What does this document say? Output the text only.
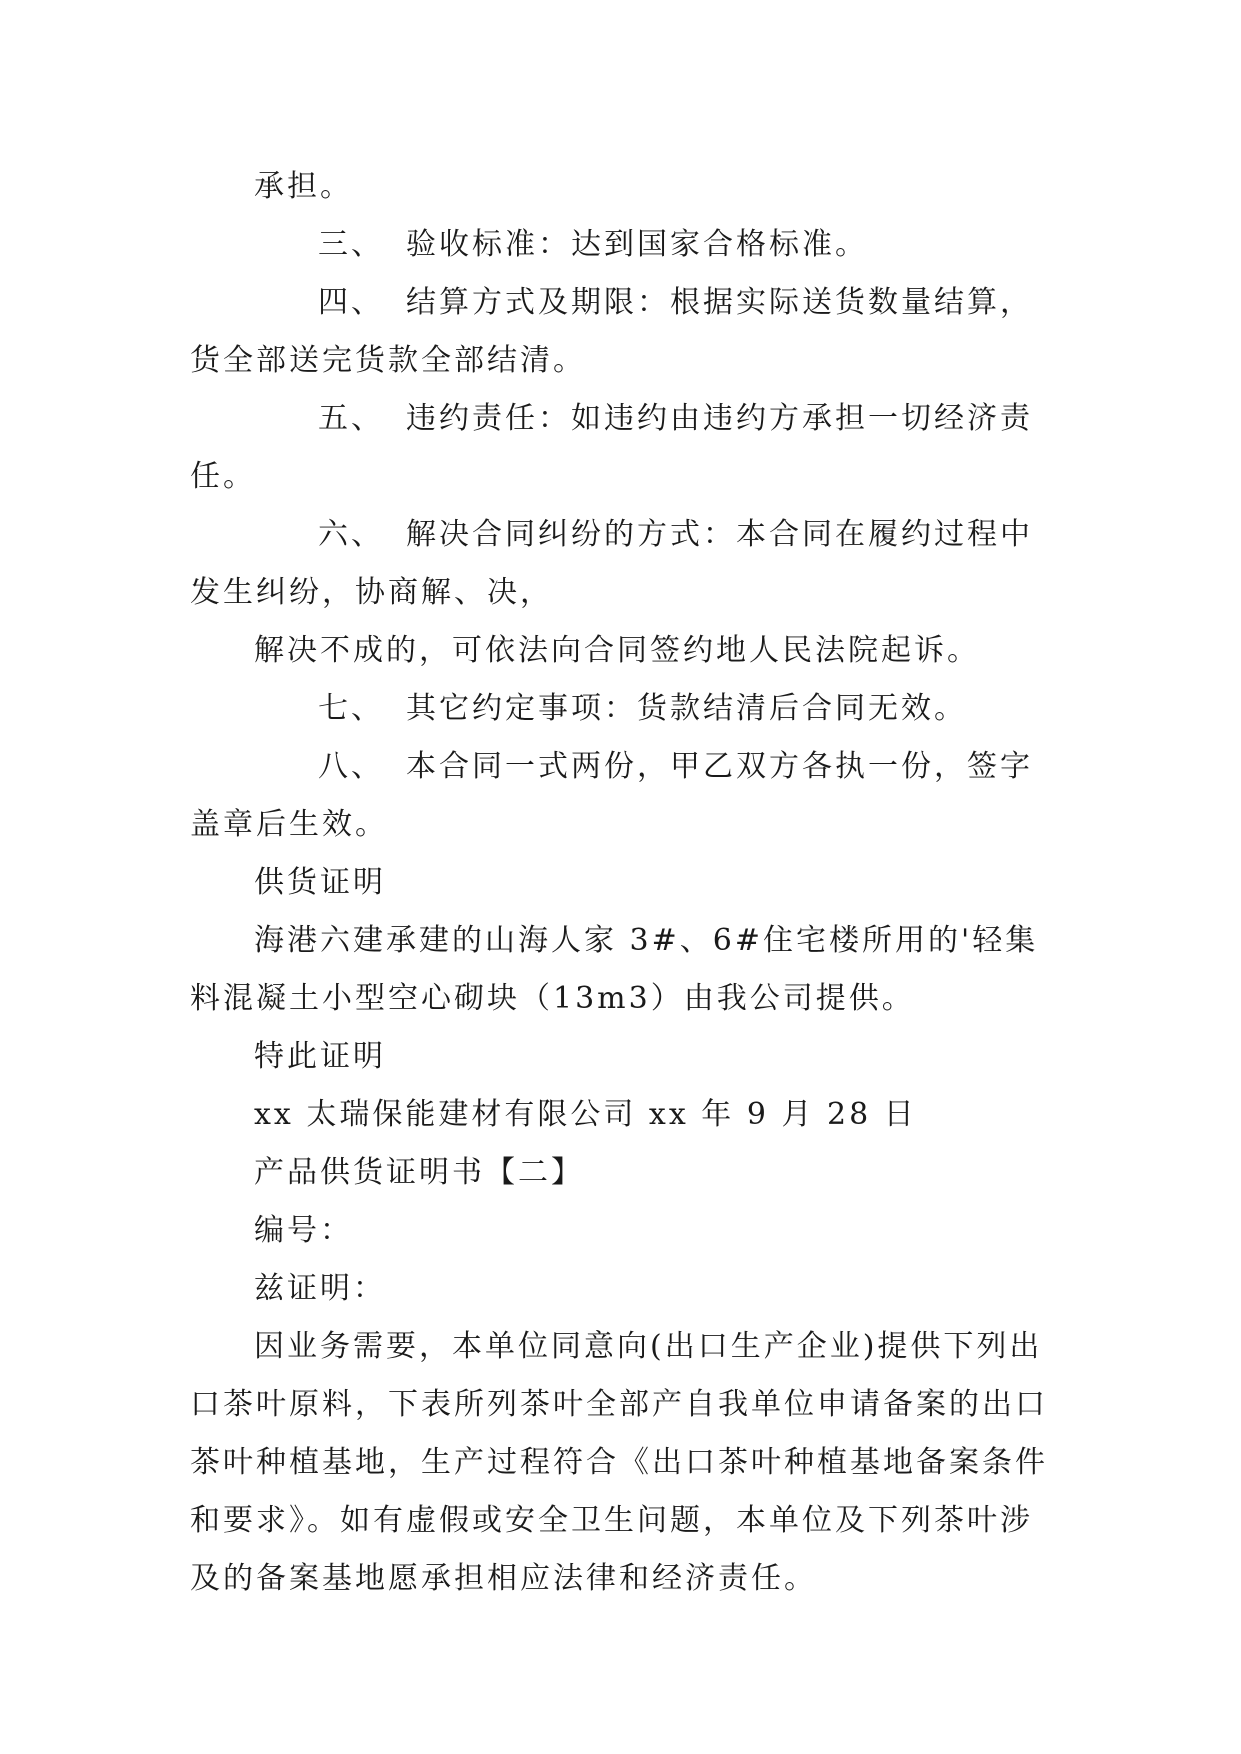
承担。

三、 验收标准：达到国家合格标准。

四、 结算方式及期限：根据实际送货数量结算，货全部送完货款全部结清。

五、 违约责任：如违约由违约方承担一切经济责任。

六、 解决合同纠纷的方式：本合同在履约过程中发生纠纷，协商解、决，

解决不成的，可依法向合同签约地人民法院起诉。

七、 其它约定事项：货款结清后合同无效。

八、 本合同一式两份，甲乙双方各执一份，签字盖章后生效。

供货证明

海港六建承建的山海人家 3#、6#住宅楼所用的'轻集料混凝土小型空心砌块（13m3）由我公司提供。

特此证明

xx 太瑞保能建材有限公司 xx 年 9 月 28 日

产品供货证明书【二】

编号：

兹证明：

因业务需要，本单位同意向(出口生产企业)提供下列出口茶叶原料，下表所列茶叶全部产自我单位申请备案的出口茶叶种植基地，生产过程符合《出口茶叶种植基地备案条件和要求》。如有虚假或安全卫生问题，本单位及下列茶叶涉及的备案基地愿承担相应法律和经济责任。
